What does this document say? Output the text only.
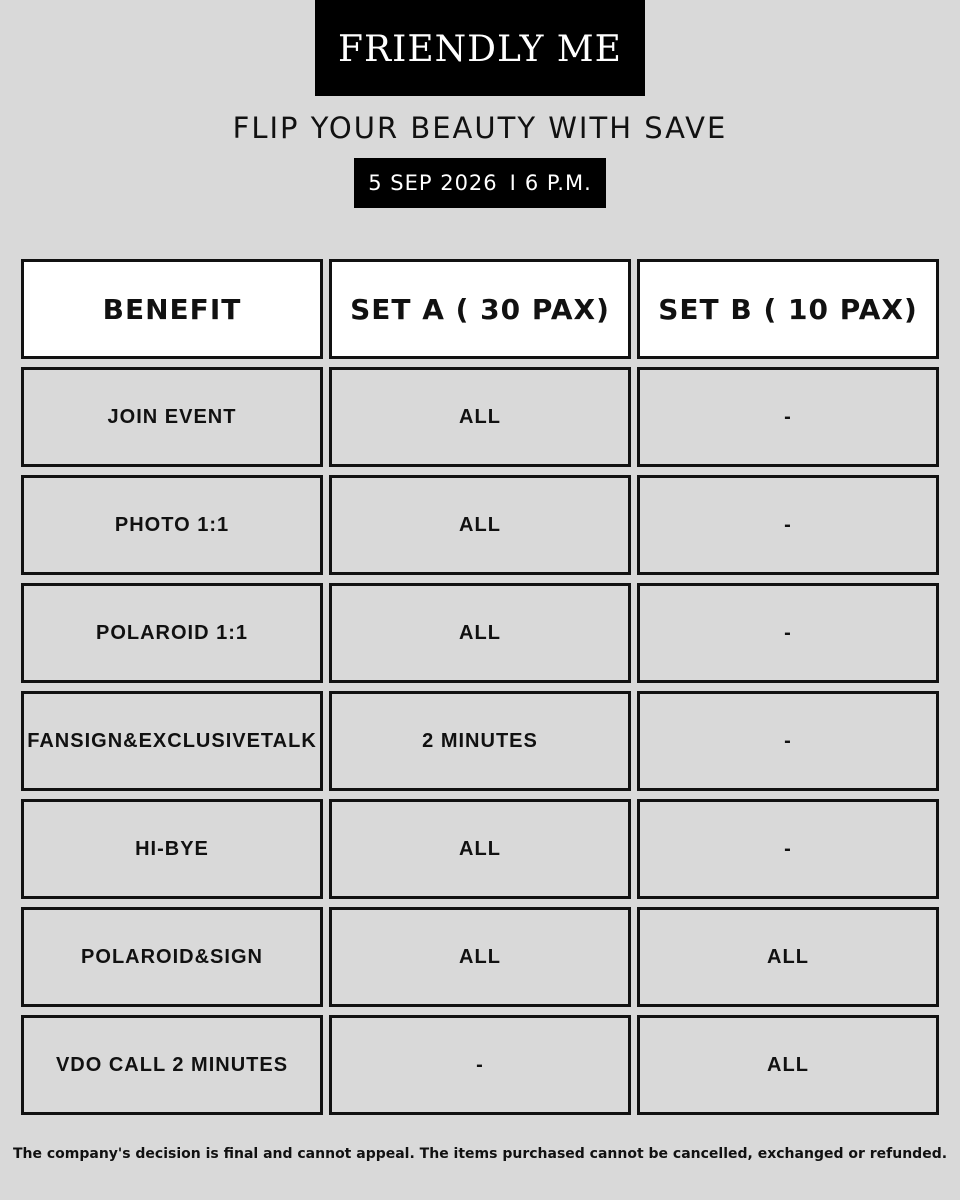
FRIENDLY ME
FLIP YOUR BEAUTY WITH SAVE
5 SEP 2026 I 6 P.M.
BENEFIT	SET A ( 30 PAX)	SET B ( 10 PAX)
JOIN EVENT	ALL	-
PHOTO 1:1	ALL	-
POLAROID 1:1	ALL	-
FANSIGN&EXCLUSIVETALK	2 MINUTES	-
HI-BYE	ALL	-
POLAROID&SIGN	ALL	ALL
VDO CALL 2 MINUTES	-	ALL
The company's decision is final and cannot appeal. The items purchased cannot be cancelled, exchanged or refunded.
